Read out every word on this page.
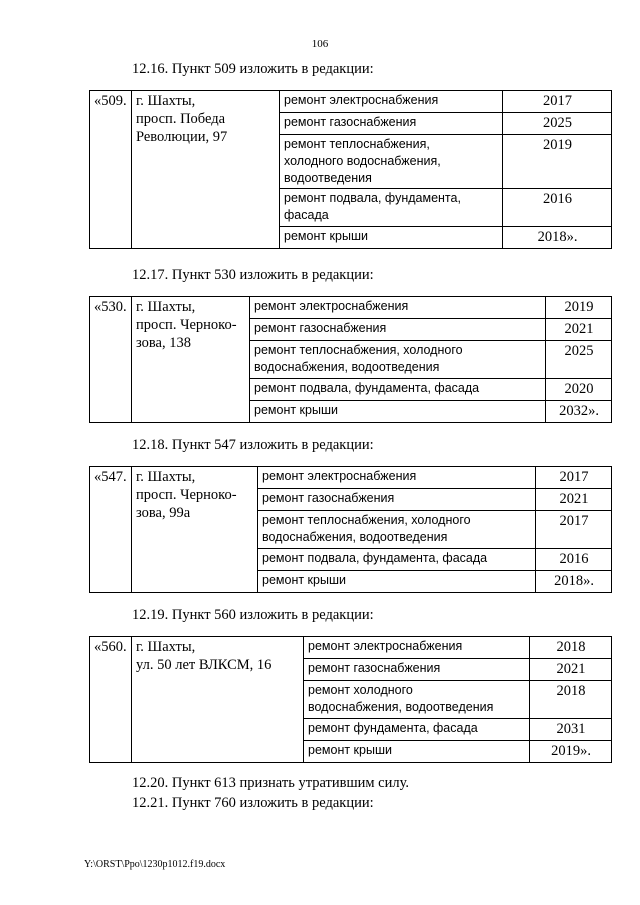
106
12.16. Пункт 509 изложить в редакции:
«509.	г. Шахты,
просп. Победа
Революции, 97	ремонт электроснабжения	2017
		ремонт газоснабжения	2025
		ремонт теплоснабжения,
холодного водоснабжения,
водоотведения	2019
		ремонт подвала, фундамента,
фасада	2016
		ремонт крыши	2018».
12.17. Пункт 530 изложить в редакции:
«530.	г. Шахты,
просп. Черноко-
зова, 138	ремонт электроснабжения	2019
		ремонт газоснабжения	2021
		ремонт теплоснабжения, холодного
водоснабжения, водоотведения	2025
		ремонт подвала, фундамента, фасада	2020
		ремонт крыши	2032».
12.18. Пункт 547 изложить в редакции:
«547.	г. Шахты,
просп. Черноко-
зова, 99а	ремонт электроснабжения	2017
		ремонт газоснабжения	2021
		ремонт теплоснабжения, холодного
водоснабжения, водоотведения	2017
		ремонт подвала, фундамента, фасада	2016
		ремонт крыши	2018».
12.19. Пункт 560 изложить в редакции:
«560.	г. Шахты,
ул. 50 лет ВЛКСМ, 16	ремонт электроснабжения	2018
		ремонт газоснабжения	2021
		ремонт холодного
водоснабжения, водоотведения	2018
		ремонт фундамента, фасада	2031
		ремонт крыши	2019».
12.20. Пункт 613 признать утратившим силу.
12.21. Пункт 760 изложить в редакции:
Y:\ORST\Ppo\1230p1012.f19.docx
